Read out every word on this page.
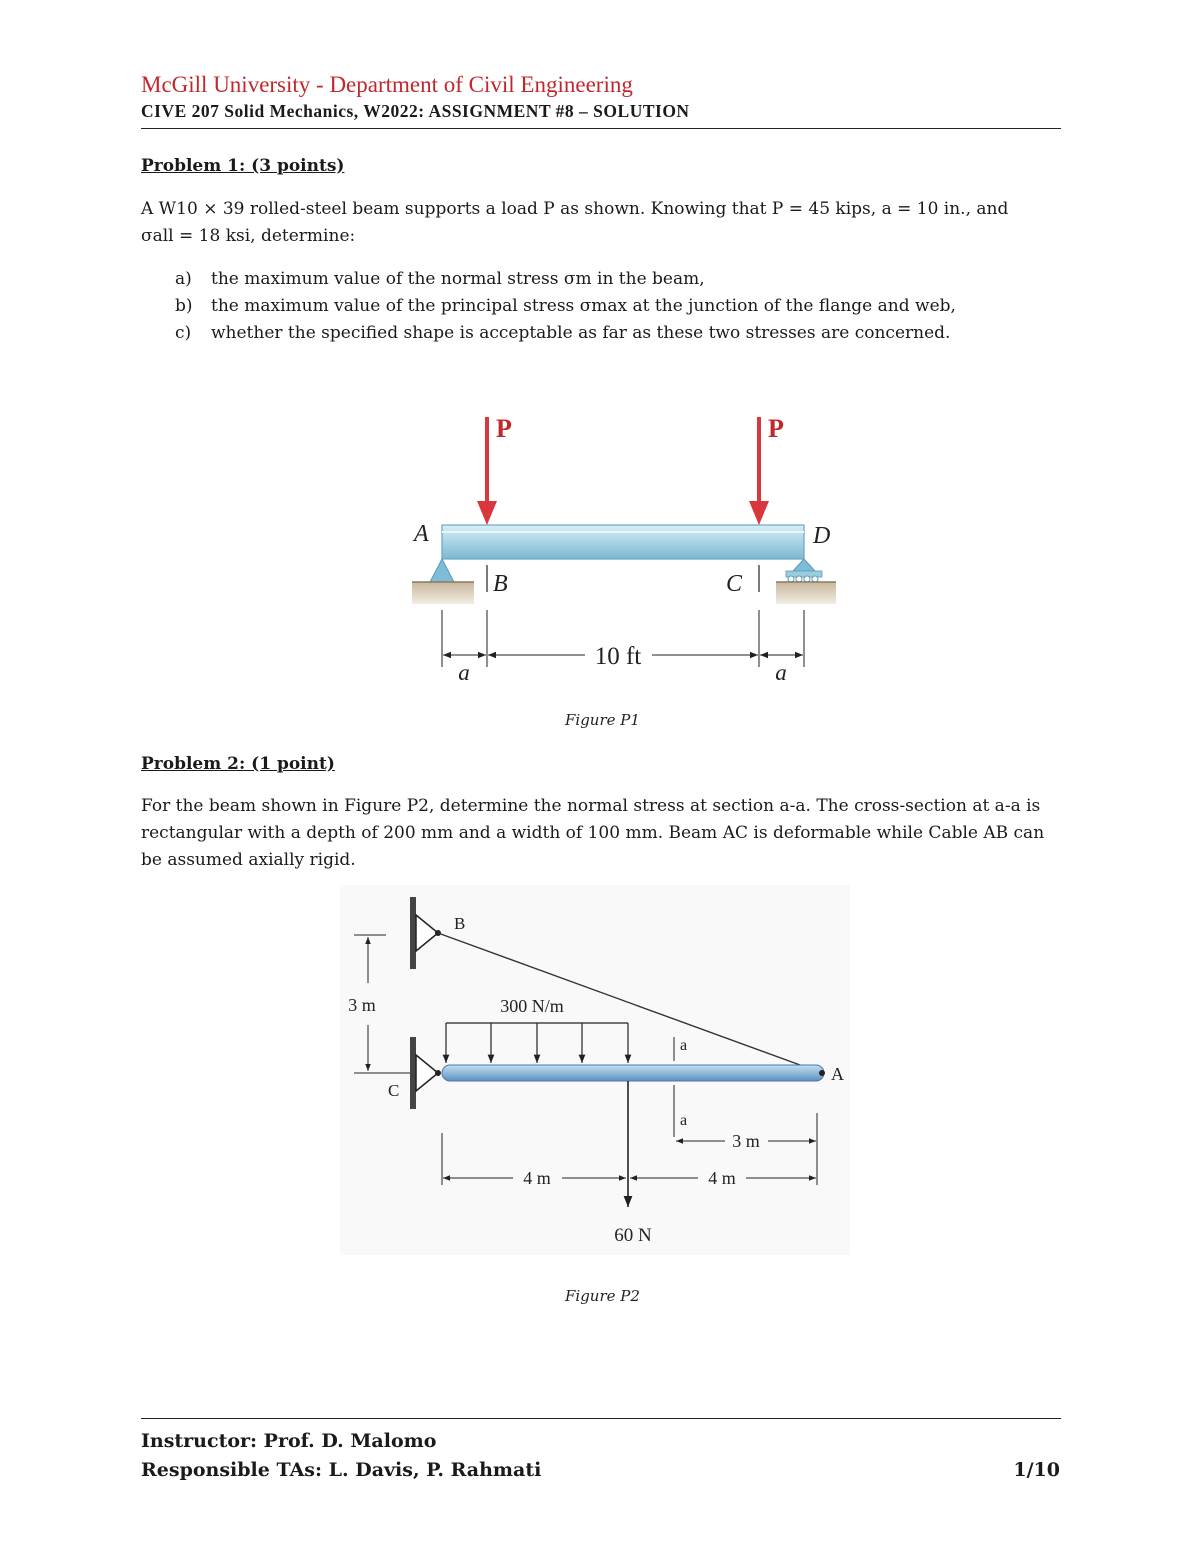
McGill University - Department of Civil Engineering
CIVE 207 Solid Mechanics, W2022: ASSIGNMENT #8 – SOLUTION
Problem 1: (3 points)
A W10 × 39 rolled-steel beam supports a load P as shown. Knowing that P = 45 kips, a = 10 in., and
σall = 18 ksi, determine:
a) the maximum value of the normal stress σm in the beam,
b) the maximum value of the principal stress σmax at the junction of the flange and web,
c) whether the specified shape is acceptable as far as these two stresses are concerned.
P	P
A	D
B	C
10 ft
a	a
Figure P1
Problem 2: (1 point)
For the beam shown in Figure P2, determine the normal stress at section a-a. The cross-section at a-a is
rectangular with a depth of 200 mm and a width of 100 mm. Beam AC is deformable while Cable AB can
be assumed axially rigid.
B
C
A
3 m	300 N/m
a
a
60 N
3 m
4 m	4 m
Figure P2
Instructor: Prof. D. Malomo
Responsible TAs: L. Davis, P. Rahmati	1/10
